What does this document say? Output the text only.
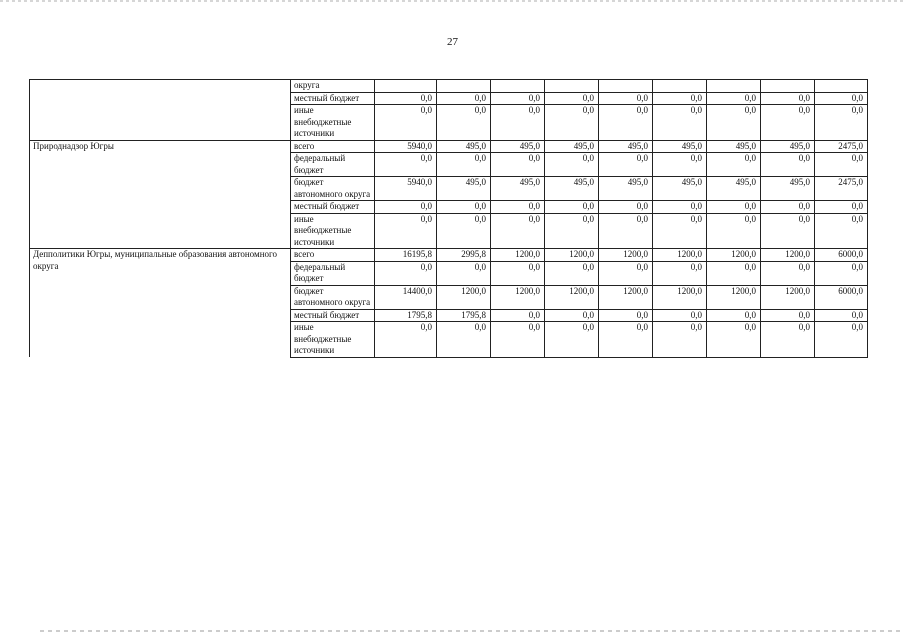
27
	округа									
	местный бюджет	0,0	0,0	0,0	0,0	0,0	0,0	0,0	0,0	0,0
	иные внебюджетные источники	0,0	0,0	0,0	0,0	0,0	0,0	0,0	0,0	0,0
Природнадзор Югры	всего	5940,0	495,0	495,0	495,0	495,0	495,0	495,0	495,0	2475,0
	федеральный бюджет	0,0	0,0	0,0	0,0	0,0	0,0	0,0	0,0	0,0
	бюджет автономного округа	5940,0	495,0	495,0	495,0	495,0	495,0	495,0	495,0	2475,0
	местный бюджет	0,0	0,0	0,0	0,0	0,0	0,0	0,0	0,0	0,0
	иные внебюджетные источники	0,0	0,0	0,0	0,0	0,0	0,0	0,0	0,0	0,0
Депполитики Югры, муниципальные образования автономного округа	всего	16195,8	2995,8	1200,0	1200,0	1200,0	1200,0	1200,0	1200,0	6000,0
	федеральный бюджет	0,0	0,0	0,0	0,0	0,0	0,0	0,0	0,0	0,0
	бюджет автономного округа	14400,0	1200,0	1200,0	1200,0	1200,0	1200,0	1200,0	1200,0	6000,0
	местный бюджет	1795,8	1795,8	0,0	0,0	0,0	0,0	0,0	0,0	0,0
	иные внебюджетные источники	0,0	0,0	0,0	0,0	0,0	0,0	0,0	0,0	0,0
